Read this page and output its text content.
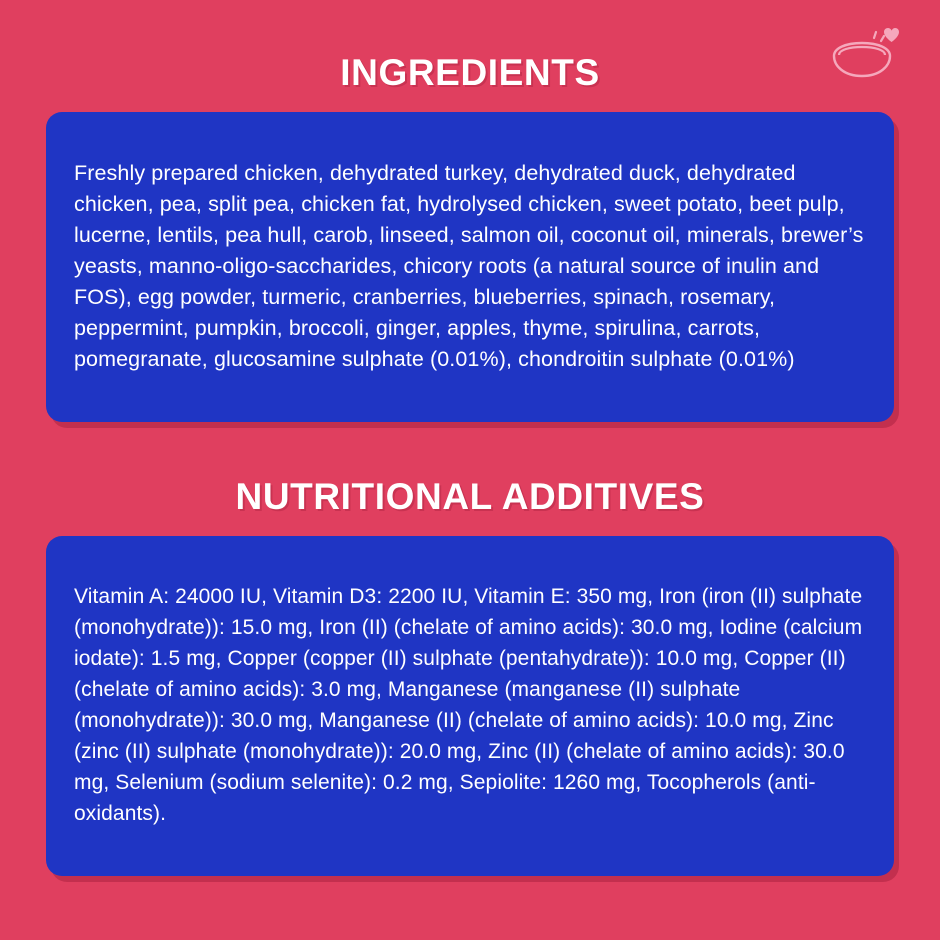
INGREDIENTS

Freshly prepared chicken, dehydrated turkey, dehydrated duck, dehydrated chicken, pea, split pea, chicken fat, hydrolysed chicken, sweet potato, beet pulp, lucerne, lentils, pea hull, carob, linseed, salmon oil, coconut oil, minerals, brewer’s yeasts, manno-oligo-saccharides, chicory roots (a natural source of inulin and FOS), egg powder, turmeric, cranberries, blueberries, spinach, rosemary, peppermint, pumpkin, broccoli, ginger, apples, thyme, spirulina, carrots, pomegranate, glucosamine sulphate (0.01%), chondroitin sulphate (0.01%)

NUTRITIONAL ADDITIVES

Vitamin A: 24000 IU, Vitamin D3: 2200 IU, Vitamin E: 350 mg, Iron (iron (II) sulphate (monohydrate)): 15.0 mg, Iron (II) (chelate of amino acids): 30.0 mg, Iodine (calcium iodate): 1.5 mg, Copper (copper (II) sulphate (pentahydrate)): 10.0 mg, Copper (II) (chelate of amino acids): 3.0 mg, Manganese (manganese (II) sulphate (monohydrate)): 30.0 mg, Manganese (II) (chelate of amino acids): 10.0 mg, Zinc (zinc (II) sulphate (monohydrate)): 20.0 mg, Zinc (II) (chelate of amino acids): 30.0 mg, Selenium (sodium selenite): 0.2 mg, Sepiolite: 1260 mg, Tocopherols (anti-oxidants).
